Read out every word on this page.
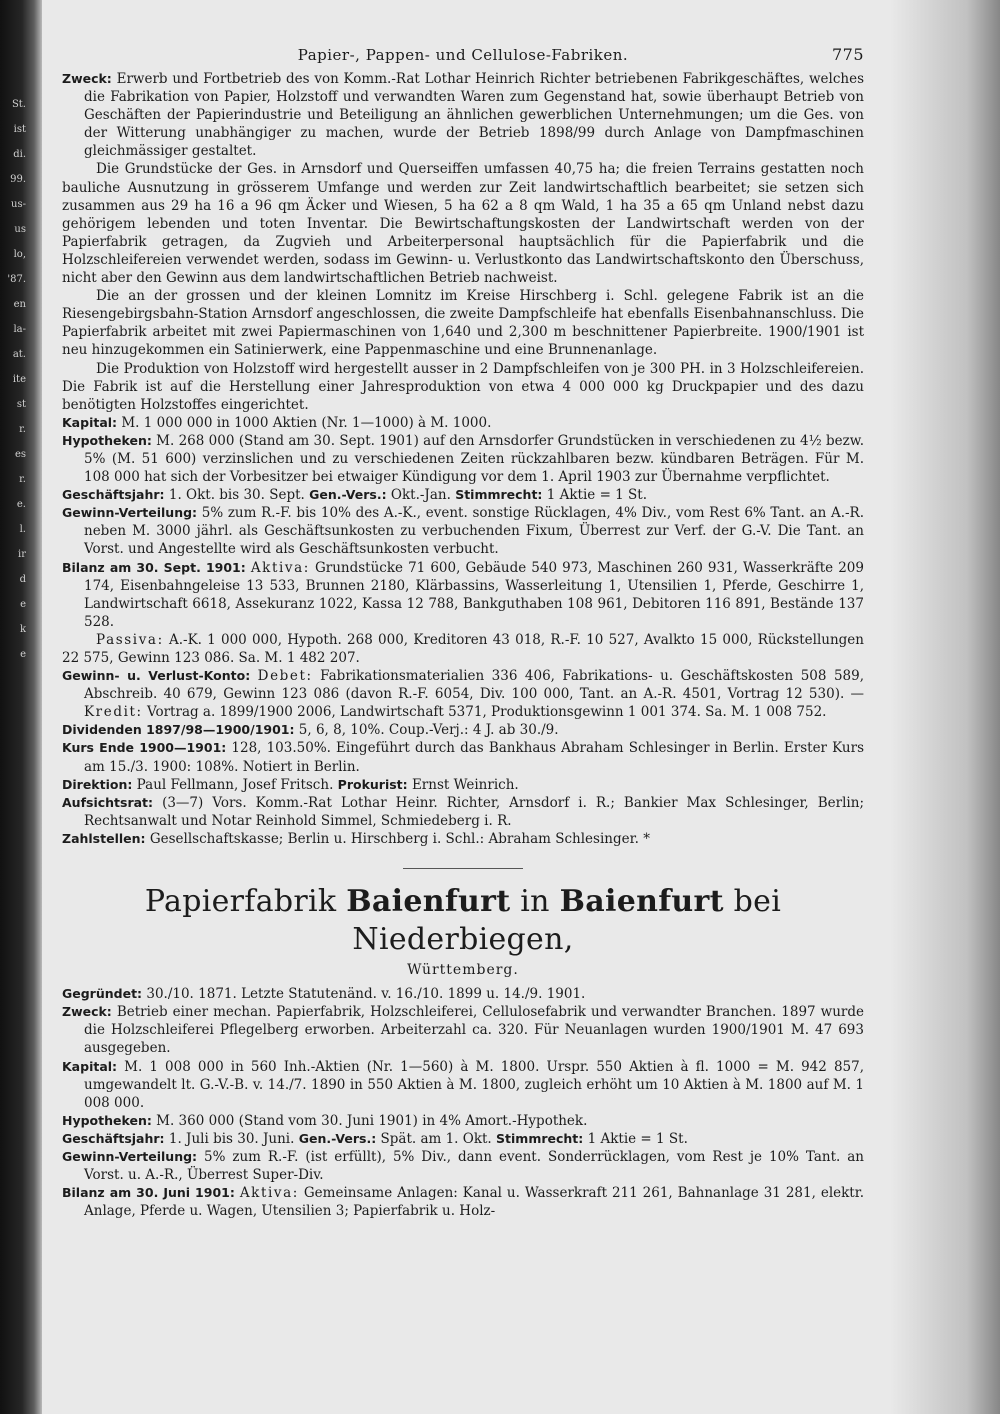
St.
ist
di.
99.
us-
us
lo,
'87.
en
la-
at.
ite
st
r.
es
r.
e.
l.
ir
d
e
k
e
Papier-, Pappen- und Cellulose-Fabriken.	775

Zweck: Erwerb und Fortbetrieb des von Komm.-Rat Lothar Heinrich Richter betriebenen Fabrikgeschäftes, welches die Fabrikation von Papier, Holzstoff und verwandten Waren zum Gegenstand hat, sowie überhaupt Betrieb von Geschäften der Papierindustrie und Beteiligung an ähnlichen gewerblichen Unternehmungen; um die Ges. von der Witterung unabhängiger zu machen, wurde der Betrieb 1898/99 durch Anlage von Dampfmaschinen gleichmässiger gestaltet.

Die Grundstücke der Ges. in Arnsdorf und Querseiffen umfassen 40,75 ha; die freien Terrains gestatten noch bauliche Ausnutzung in grösserem Umfange und werden zur Zeit landwirtschaftlich bearbeitet; sie setzen sich zusammen aus 29 ha 16 a 96 qm Äcker und Wiesen, 5 ha 62 a 8 qm Wald, 1 ha 35 a 65 qm Unland nebst dazu gehörigem lebenden und toten Inventar. Die Bewirtschaftungskosten der Landwirtschaft werden von der Papierfabrik getragen, da Zugvieh und Arbeiterpersonal hauptsächlich für die Papierfabrik und die Holzschleifereien verwendet werden, sodass im Gewinn- u. Verlustkonto das Landwirtschaftskonto den Überschuss, nicht aber den Gewinn aus dem landwirtschaftlichen Betrieb nachweist.

Die an der grossen und der kleinen Lomnitz im Kreise Hirschberg i. Schl. gelegene Fabrik ist an die Riesengebirgsbahn-Station Arnsdorf angeschlossen, die zweite Dampfschleife hat ebenfalls Eisenbahnanschluss. Die Papierfabrik arbeitet mit zwei Papiermaschinen von 1,640 und 2,300 m beschnittener Papierbreite. 1900/1901 ist neu hinzugekommen ein Satinierwerk, eine Pappenmaschine und eine Brunnenanlage.

Die Produktion von Holzstoff wird hergestellt ausser in 2 Dampfschleifen von je 300 PH. in 3 Holzschleifereien. Die Fabrik ist auf die Herstellung einer Jahresproduktion von etwa 4 000 000 kg Druckpapier und des dazu benötigten Holzstoffes eingerichtet.

Kapital: M. 1 000 000 in 1000 Aktien (Nr. 1—1000) à M. 1000.

Hypotheken: M. 268 000 (Stand am 30. Sept. 1901) auf den Arnsdorfer Grundstücken in verschiedenen zu 4½ bezw. 5% (M. 51 600) verzinslichen und zu verschiedenen Zeiten rückzahlbaren bezw. kündbaren Beträgen. Für M. 108 000 hat sich der Vorbesitzer bei etwaiger Kündigung vor dem 1. April 1903 zur Übernahme verpflichtet.

Geschäftsjahr: 1. Okt. bis 30. Sept. Gen.-Vers.: Okt.-Jan. Stimmrecht: 1 Aktie = 1 St.

Gewinn-Verteilung: 5% zum R.-F. bis 10% des A.-K., event. sonstige Rücklagen, 4% Div., vom Rest 6% Tant. an A.-R. neben M. 3000 jährl. als Geschäftsunkosten zu verbuchenden Fixum, Überrest zur Verf. der G.-V. Die Tant. an Vorst. und Angestellte wird als Geschäftsunkosten verbucht.

Bilanz am 30. Sept. 1901: Aktiva: Grundstücke 71 600, Gebäude 540 973, Maschinen 260 931, Wasserkräfte 209 174, Eisenbahngeleise 13 533, Brunnen 2180, Klärbassins, Wasserleitung 1, Utensilien 1, Pferde, Geschirre 1, Landwirtschaft 6618, Assekuranz 1022, Kassa 12 788, Bankguthaben 108 961, Debitoren 116 891, Bestände 137 528.

Passiva: A.-K. 1 000 000, Hypoth. 268 000, Kreditoren 43 018, R.-F. 10 527, Avalkto 15 000, Rückstellungen 22 575, Gewinn 123 086. Sa. M. 1 482 207.

Gewinn- u. Verlust-Konto: Debet: Fabrikationsmaterialien 336 406, Fabrikations- u. Geschäftskosten 508 589, Abschreib. 40 679, Gewinn 123 086 (davon R.-F. 6054, Div. 100 000, Tant. an A.-R. 4501, Vortrag 12 530). — Kredit: Vortrag a. 1899/1900 2006, Landwirtschaft 5371, Produktionsgewinn 1 001 374. Sa. M. 1 008 752.

Dividenden 1897/98—1900/1901: 5, 6, 8, 10%. Coup.-Verj.: 4 J. ab 30./9.

Kurs Ende 1900—1901: 128, 103.50%. Eingeführt durch das Bankhaus Abraham Schlesinger in Berlin. Erster Kurs am 15./3. 1900: 108%. Notiert in Berlin.

Direktion: Paul Fellmann, Josef Fritsch. Prokurist: Ernst Weinrich.

Aufsichtsrat: (3—7) Vors. Komm.-Rat Lothar Heinr. Richter, Arnsdorf i. R.; Bankier Max Schlesinger, Berlin; Rechtsanwalt und Notar Reinhold Simmel, Schmiedeberg i. R.

Zahlstellen: Gesellschaftskasse; Berlin u. Hirschberg i. Schl.: Abraham Schlesinger. *

Papierfabrik Baienfurt in Baienfurt bei Niederbiegen,

Württemberg.

Gegründet: 30./10. 1871. Letzte Statutenänd. v. 16./10. 1899 u. 14./9. 1901.

Zweck: Betrieb einer mechan. Papierfabrik, Holzschleiferei, Cellulosefabrik und verwandter Branchen. 1897 wurde die Holzschleiferei Pflegelberg erworben. Arbeiterzahl ca. 320. Für Neuanlagen wurden 1900/1901 M. 47 693 ausgegeben.

Kapital: M. 1 008 000 in 560 Inh.-Aktien (Nr. 1—560) à M. 1800. Urspr. 550 Aktien à fl. 1000 = M. 942 857, umgewandelt lt. G.-V.-B. v. 14./7. 1890 in 550 Aktien à M. 1800, zugleich erhöht um 10 Aktien à M. 1800 auf M. 1 008 000.

Hypotheken: M. 360 000 (Stand vom 30. Juni 1901) in 4% Amort.-Hypothek.

Geschäftsjahr: 1. Juli bis 30. Juni. Gen.-Vers.: Spät. am 1. Okt. Stimmrecht: 1 Aktie = 1 St.

Gewinn-Verteilung: 5% zum R.-F. (ist erfüllt), 5% Div., dann event. Sonderrücklagen, vom Rest je 10% Tant. an Vorst. u. A.-R., Überrest Super-Div.

Bilanz am 30. Juni 1901: Aktiva: Gemeinsame Anlagen: Kanal u. Wasserkraft 211 261, Bahnanlage 31 281, elektr. Anlage, Pferde u. Wagen, Utensilien 3; Papierfabrik u. Holz-
